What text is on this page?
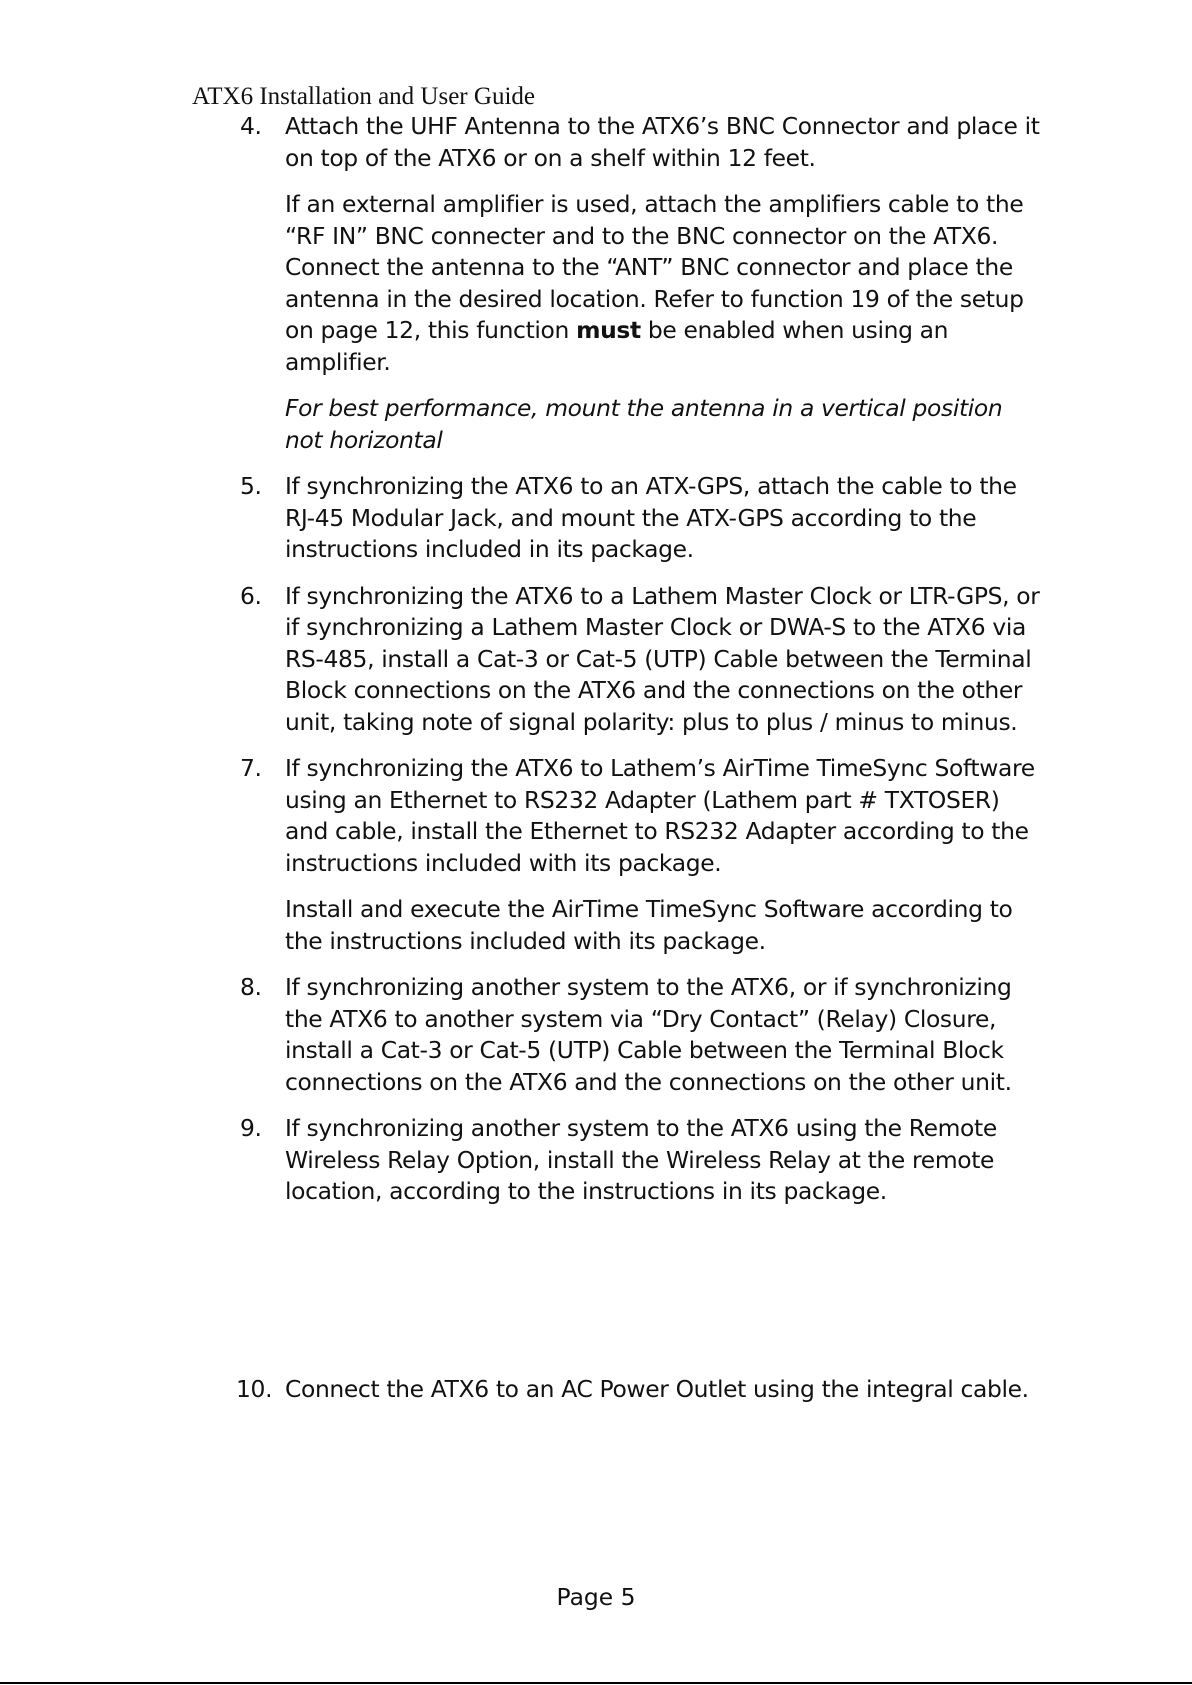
ATX6 Installation and User Guide
4. Attach the UHF Antenna to the ATX6’s BNC Connector and place it on top of the ATX6 or on a shelf within 12 feet.

If an external amplifier is used, attach the amplifiers cable to the “RF IN” BNC connecter and to the BNC connector on the ATX6. Connect the antenna to the “ANT” BNC connector and place the antenna in the desired location. Refer to function 19 of the setup on page 12, this function must be enabled when using an amplifier.

For best performance, mount the antenna in a vertical position not horizontal

5. If synchronizing the ATX6 to an ATX-GPS, attach the cable to the RJ-45 Modular Jack, and mount the ATX-GPS according to the instructions included in its package.

6. If synchronizing the ATX6 to a Lathem Master Clock or LTR-GPS, or if synchronizing a Lathem Master Clock or DWA-S to the ATX6 via RS-485, install a Cat-3 or Cat-5 (UTP) Cable between the Terminal Block connections on the ATX6 and the connections on the other unit, taking note of signal polarity: plus to plus / minus to minus.

7. If synchronizing the ATX6 to Lathem’s AirTime TimeSync Software using an Ethernet to RS232 Adapter (Lathem part # TXTOSER) and cable, install the Ethernet to RS232 Adapter according to the instructions included with its package.

Install and execute the AirTime TimeSync Software according to the instructions included with its package.

8. If synchronizing another system to the ATX6, or if synchronizing the ATX6 to another system via “Dry Contact” (Relay) Closure, install a Cat-3 or Cat-5 (UTP) Cable between the Terminal Block connections on the ATX6 and the connections on the other unit.

9. If synchronizing another system to the ATX6 using the Remote Wireless Relay Option, install the Wireless Relay at the remote location, according to the instructions in its package.

10. Connect the ATX6 to an AC Power Outlet using the integral cable.

Page 5
